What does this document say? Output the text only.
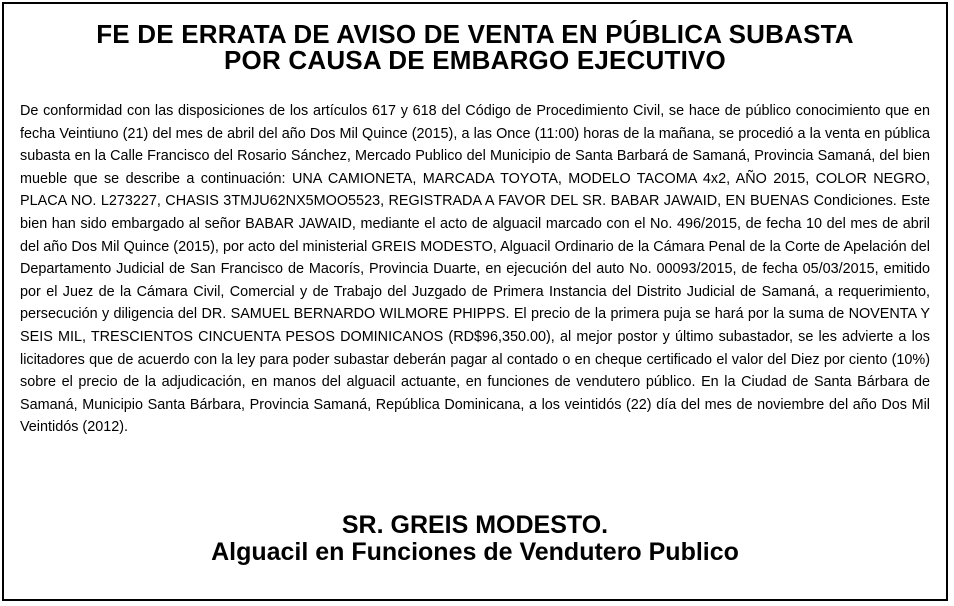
FE DE ERRATA DE AVISO DE VENTA EN PÚBLICA SUBASTA
POR CAUSA DE EMBARGO EJECUTIVO

De conformidad con las disposiciones de los artículos 617 y 618 del Código de Procedimiento Civil, se hace de público conocimiento que en fecha Veintiuno (21) del mes de abril del año Dos Mil Quince (2015), a las Once (11:00) horas de la mañana, se procedió a la venta en pública subasta en la Calle Francisco del Rosario Sánchez, Mercado Publico del Municipio de Santa Barbará de Samaná, Provincia Samaná, del bien mueble que se describe a continuación: UNA CAMIONETA, MARCADA TOYOTA, MODELO TACOMA 4x2, AÑO 2015, COLOR NEGRO, PLACA NO. L273227, CHASIS 3TMJU62NX5MOO5523, REGISTRADA A FAVOR DEL SR. BABAR JAWAID, EN BUENAS Condiciones. Este bien han sido embargado al señor BABAR JAWAID, mediante el acto de alguacil marcado con el No. 496/2015, de fecha 10 del mes de abril del año Dos Mil Quince (2015), por acto del ministerial GREIS MODESTO, Alguacil Ordinario de la Cámara Penal de la Corte de Apelación del Departamento Judicial de San Francisco de Macorís, Provincia Duarte, en ejecución del auto No. 00093/2015, de fecha 05/03/2015, emitido por el Juez de la Cámara Civil, Comercial y de Trabajo del Juzgado de Primera Instancia del Distrito Judicial de Samaná, a requerimiento, persecución y diligencia del DR. SAMUEL BERNARDO WILMORE PHIPPS. El precio de la primera puja se hará por la suma de NOVENTA Y SEIS MIL, TRESCIENTOS CINCUENTA PESOS DOMINICANOS (RD$96,350.00), al mejor postor y último subastador, se les advierte a los licitadores que de acuerdo con la ley para poder subastar deberán pagar al contado o en cheque certificado el valor del Diez por ciento (10%) sobre el precio de la adjudicación, en manos del alguacil actuante, en funciones de vendutero público. En la Ciudad de Santa Bárbara de Samaná, Municipio Santa Bárbara, Provincia Samaná, República Dominicana, a los veintidós (22) día del mes de noviembre del año Dos Mil Veintidós (2012).

SR. GREIS MODESTO.
Alguacil en Funciones de Vendutero Publico
